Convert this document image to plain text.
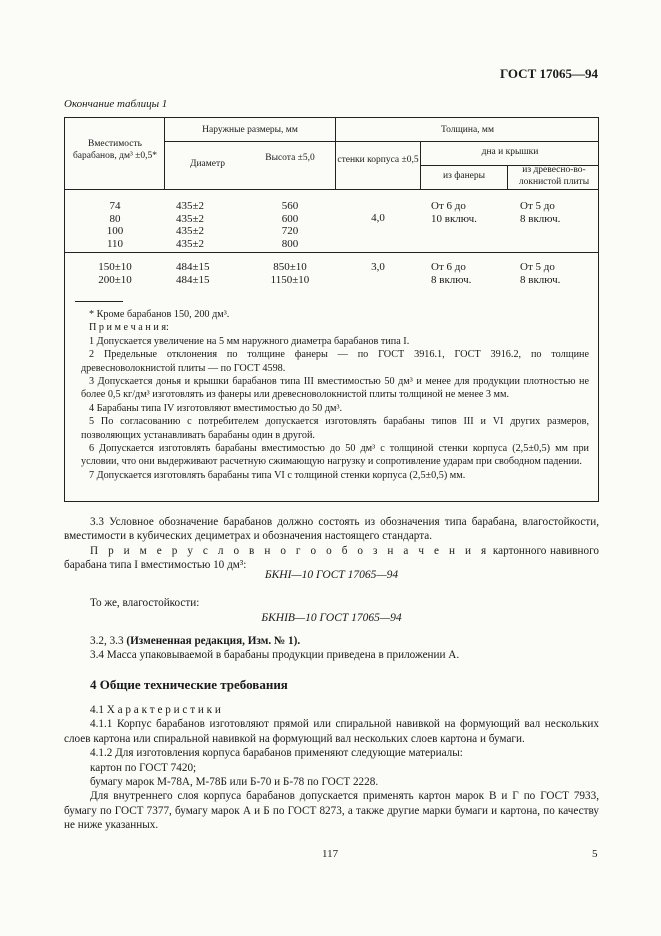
ГОСТ 17065—94
Окончание таблицы 1
Вместимость барабанов, дм³ ±0,5*
Наружные размеры, мм
Диаметр
Высота ±5,0
Толщина, мм
стенки корпуса ±0,5
дна и крышки
из фанеры
из древесно-во-локнистой плиты
74
80
100
110
435±2
435±2
435±2
435±2
560
600
720
800
4,0
От 6 до
10 включ.
От 5 до
8 включ.
150±10
200±10
484±15
484±15
850±10
1150±10
3,0	От 6 до
8 включ.
От 5 до
8 включ.

* Кроме барабанов 150, 200 дм³.

П р и м е ч а н и я:

1 Допускается увеличение на 5 мм наружного диаметра барабанов типа I.

2 Предельные отклонения по толщине фанеры — по ГОСТ 3916.1, ГОСТ 3916.2, по толщине древесноволокнистой плиты — по ГОСТ 4598.

3 Допускается донья и крышки барабанов типа III вместимостью 50 дм³ и менее для продукции плотностью не более 0,5 кг/дм³ изготовлять из фанеры или древесноволокнистой плиты толщиной не менее 3 мм.

4 Барабаны типа IV изготовляют вместимостью до 50 дм³.

5 По согласованию с потребителем допускается изготовлять барабаны типов III и VI других размеров, позволяющих устанавливать барабаны один в другой.

6 Допускается изготовлять барабаны вместимостью до 50 дм³ с толщиной стенки корпуса (2,5±0,5) мм при условии, что они выдерживают расчетную сжимающую нагрузку и сопротивление ударам при свободном падении.

7 Допускается изготовлять барабаны типа VI с толщиной стенки корпуса (2,5±0,5) мм.

3.3 Условное обозначение барабанов должно состоять из обозначения типа барабана, влагостойкости, вместимости в кубических дециметрах и обозначения настоящего стандарта.

П р и м е р у с л о в н о г о о б о з н а ч е н и я картонного навивного барабана типа I вместимостью 10 дм³:

БКНI—10 ГОСТ 17065—94

То же, влагостойкости:

БКНIВ—10 ГОСТ 17065—94

3.2, 3.3 (Измененная редакция, Изм. № 1).

3.4 Масса упаковываемой в барабаны продукции приведена в приложении А.

4 Общие технические требования

4.1 Х а р а к т е р и с т и к и

4.1.1 Корпус барабанов изготовляют прямой или спиральной навивкой на формующий вал нескольких слоев картона или спиральной навивкой на формующий вал нескольких слоев картона и бумаги.

4.1.2 Для изготовления корпуса барабанов применяют следующие материалы:

картон по ГОСТ 7420;

бумагу марок М-78А, М-78Б или Б-70 и Б-78 по ГОСТ 2228.

Для внутреннего слоя корпуса барабанов допускается применять картон марок В и Г по ГОСТ 7933, бумагу по ГОСТ 7377, бумагу марок А и Б по ГОСТ 8273, а также другие марки бумаги и картона, по качеству не ниже указанных.

117	5
